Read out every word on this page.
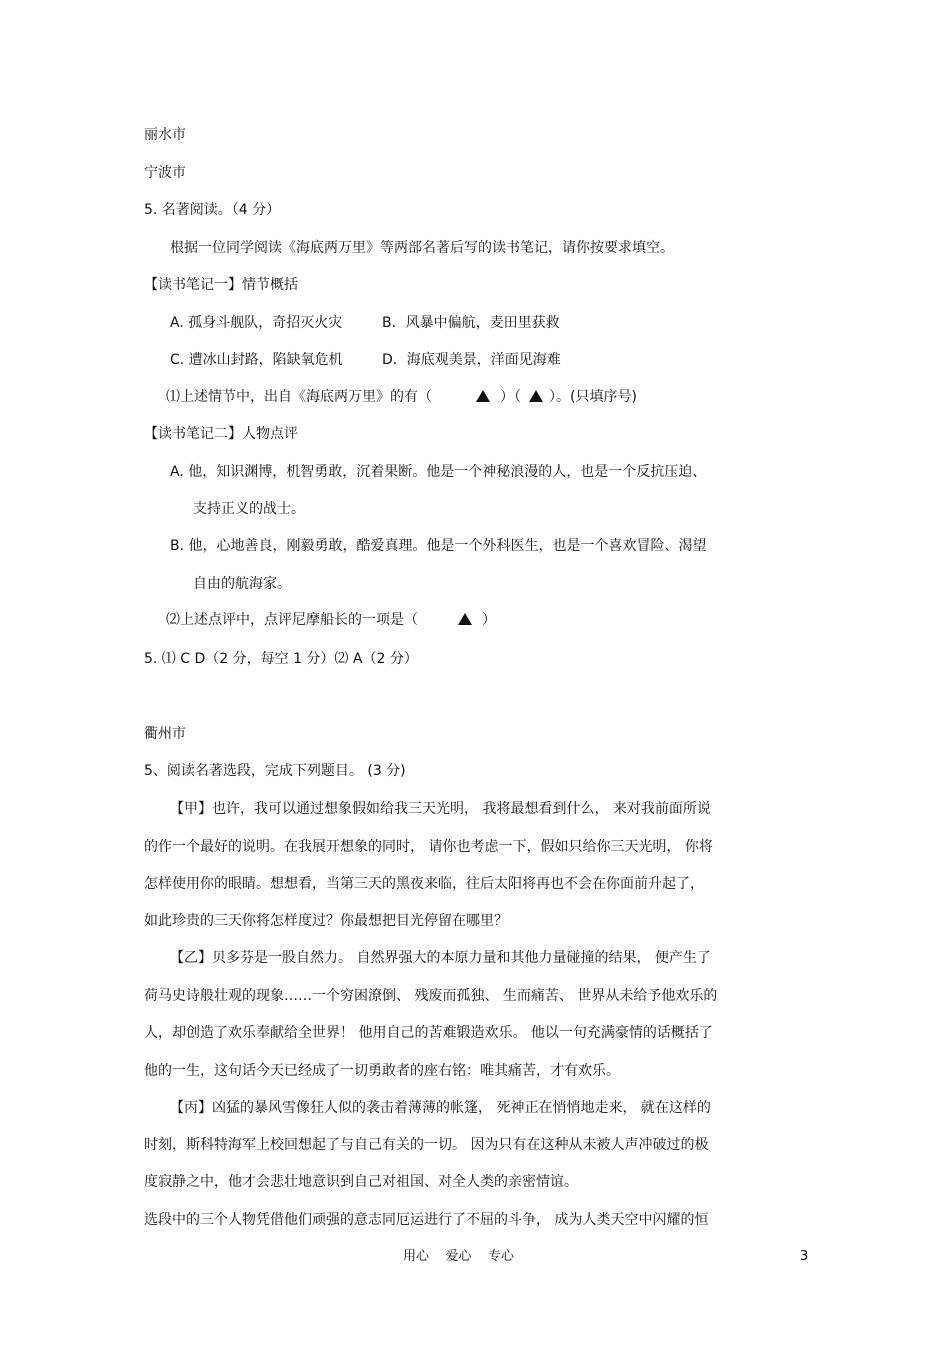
丽水市
宁波市
5. 名著阅读。（4 分）
根据一位同学阅读《海底两万里》等两部名著后写的读书笔记，请你按要求填空。
【读书笔记一】情节概括
A. 孤身斗舰队，奇招灭火灾	B．风暴中偏航，麦田里获救
C. 遭冰山封路，陷缺氧危机	D．海底观美景，洋面见海难
⑴上述情节中，出自《海底两万里》的有（	）（ ）。(只填序号)
【读书笔记二】人物点评
A. 他，知识渊博，机智勇敢，沉着果断。他是一个神秘浪漫的人，也是一个反抗压迫、
支持正义的战士。
B. 他，心地善良，刚毅勇敢，酷爱真理。他是一个外科医生，也是一个喜欢冒险、渴望
自由的航海家。
⑵上述点评中，点评尼摩船长的一项是（	）
5. ⑴ C D（2 分，每空 1 分）⑵ A（2 分）
衢州市
5、阅读名著选段，完成下列题目。 (3 分)
【甲】也许，我可以通过想象假如给我三天光明， 我将最想看到什么， 来对我前面所说
的作一个最好的说明。在我展开想象的同时， 请你也考虑一下，假如只给你三天光明， 你将
怎样使用你的眼睛。想想看，当第三天的黑夜来临，往后太阳将再也不会在你面前升起了，
如此珍贵的三天你将怎样度过？你最想把目光停留在哪里？
【乙】贝多芬是一股自然力。 自然界强大的本原力量和其他力量碰撞的结果， 便产生了
荷马史诗般壮观的现象……一个穷困潦倒、 残废而孤独、 生而痛苦、 世界从未给予他欢乐的
人，却创造了欢乐奉献给全世界！ 他用自己的苦难锻造欢乐。 他以一句充满豪情的话概括了
他的一生，这句话今天已经成了一切勇敢者的座右铭：唯其痛苦，才有欢乐。
【丙】凶猛的暴风雪像狂人似的袭击着薄薄的帐篷， 死神正在悄悄地走来， 就在这样的
时刻，斯科特海军上校回想起了与自己有关的一切。 因为只有在这种从未被人声冲破过的极
度寂静之中，他才会悲壮地意识到自己对祖国、对全人类的亲密情谊。
选段中的三个人物凭借他们顽强的意志同厄运进行了不屈的斗争， 成为人类天空中闪耀的恒
用心    爱心    专心	3
